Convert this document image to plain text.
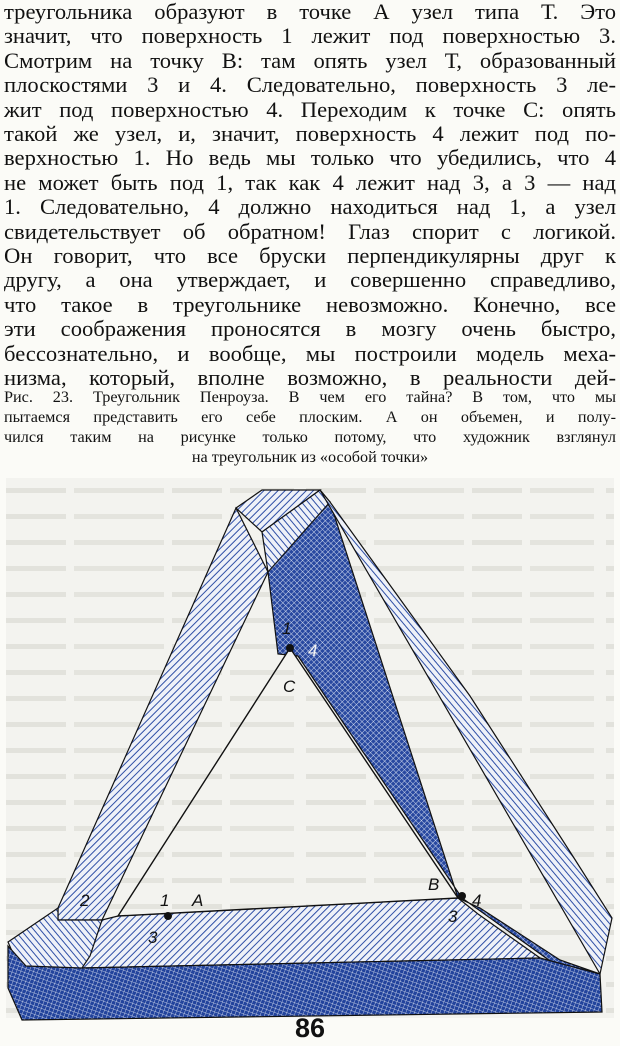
треугольника образуют в точке А узел типа Т. Это
значит, что поверхность 1 лежит под поверхностью 3.
Смотрим на точку В: там опять узел Т, образованный
плоскостями 3 и 4. Следовательно, поверхность 3 ле-
жит под поверхностью 4. Переходим к точке С: опять
такой же узел, и, значит, поверхность 4 лежит под по-
верхностью 1. Но ведь мы только что убедились, что 4
не может быть под 1, так как 4 лежит над 3, а 3 — над
1. Следовательно, 4 должно находиться над 1, а узел
свидетельствует об обратном! Глаз спорит с логикой.
Он говорит, что все бруски перпендикулярны друг к
другу, а она утверждает, и совершенно справедливо,
что такое в треугольнике невозможно. Конечно, все
эти соображения проносятся в мозгу очень быстро,
бессознательно, и вообще, мы построили модель меха-
низма, который, вполне возможно, в реальности дей-
Рис. 23. Треугольник Пенроуза. В чем его тайна? В том, что мы
пытаемся представить его себе плоским. А он объемен, и полу-
чился таким на рисунке только потому, что художник взглянул
на треугольник из «особой точки»
1
4
C
2	1 A
3
B
3
4
86
